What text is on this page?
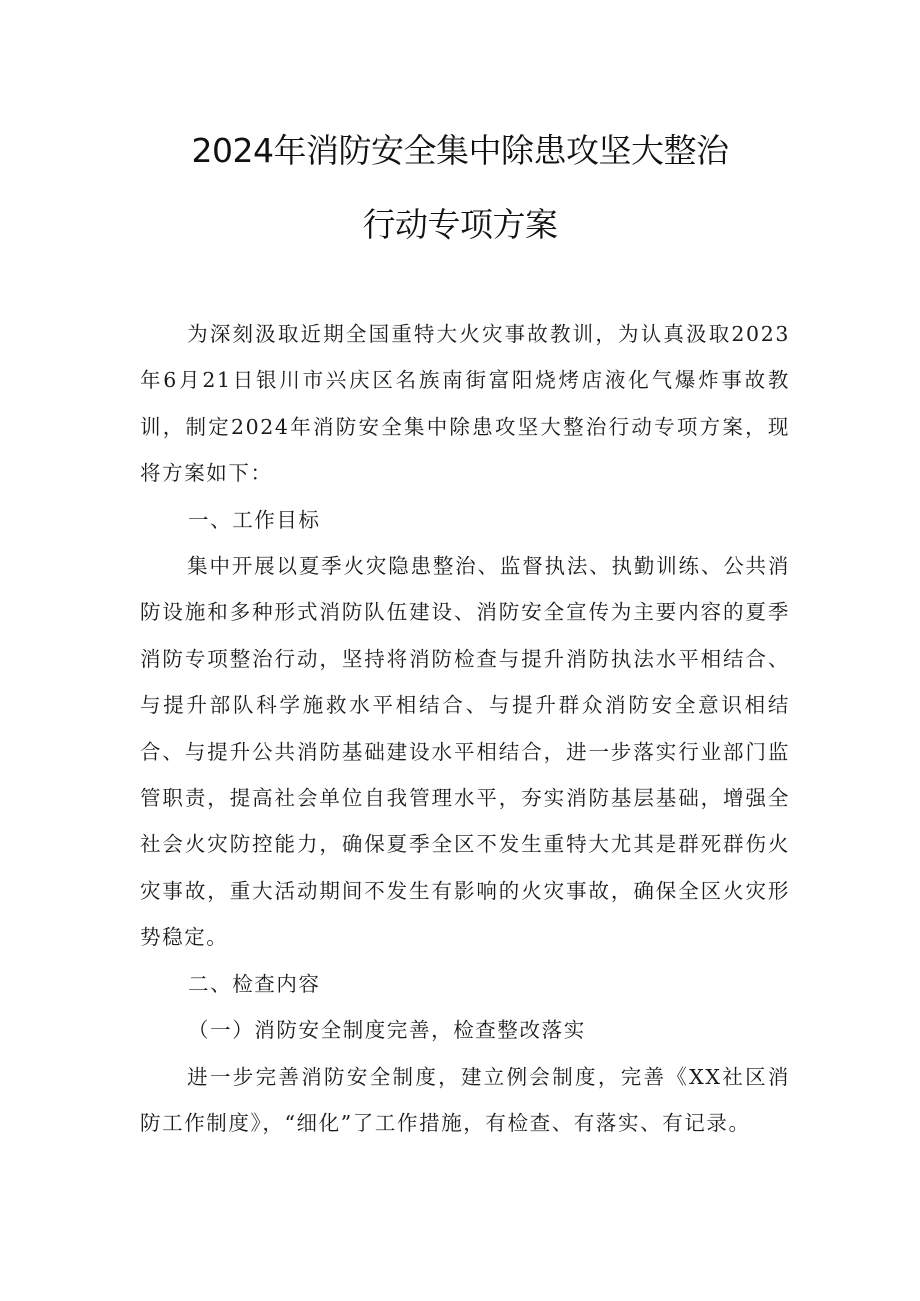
2024年消防安全集中除患攻坚大整治
行动专项方案

为深刻汲取近期全国重特大火灾事故教训，为认真汲取2023年6月21日银川市兴庆区名族南街富阳烧烤店液化气爆炸事故教训，制定2024年消防安全集中除患攻坚大整治行动专项方案，现将方案如下：

一、工作目标

集中开展以夏季火灾隐患整治、监督执法、执勤训练、公共消防设施和多种形式消防队伍建设、消防安全宣传为主要内容的夏季消防专项整治行动，坚持将消防检查与提升消防执法水平相结合、与提升部队科学施救水平相结合、与提升群众消防安全意识相结合、与提升公共消防基础建设水平相结合，进一步落实行业部门监管职责，提高社会单位自我管理水平，夯实消防基层基础，增强全社会火灾防控能力，确保夏季全区不发生重特大尤其是群死群伤火灾事故，重大活动期间不发生有影响的火灾事故，确保全区火灾形势稳定。

二、检查内容

（一）消防安全制度完善，检查整改落实

进一步完善消防安全制度，建立例会制度，完善《XX社区消防工作制度》，“细化”了工作措施，有检查、有落实、有记录。
